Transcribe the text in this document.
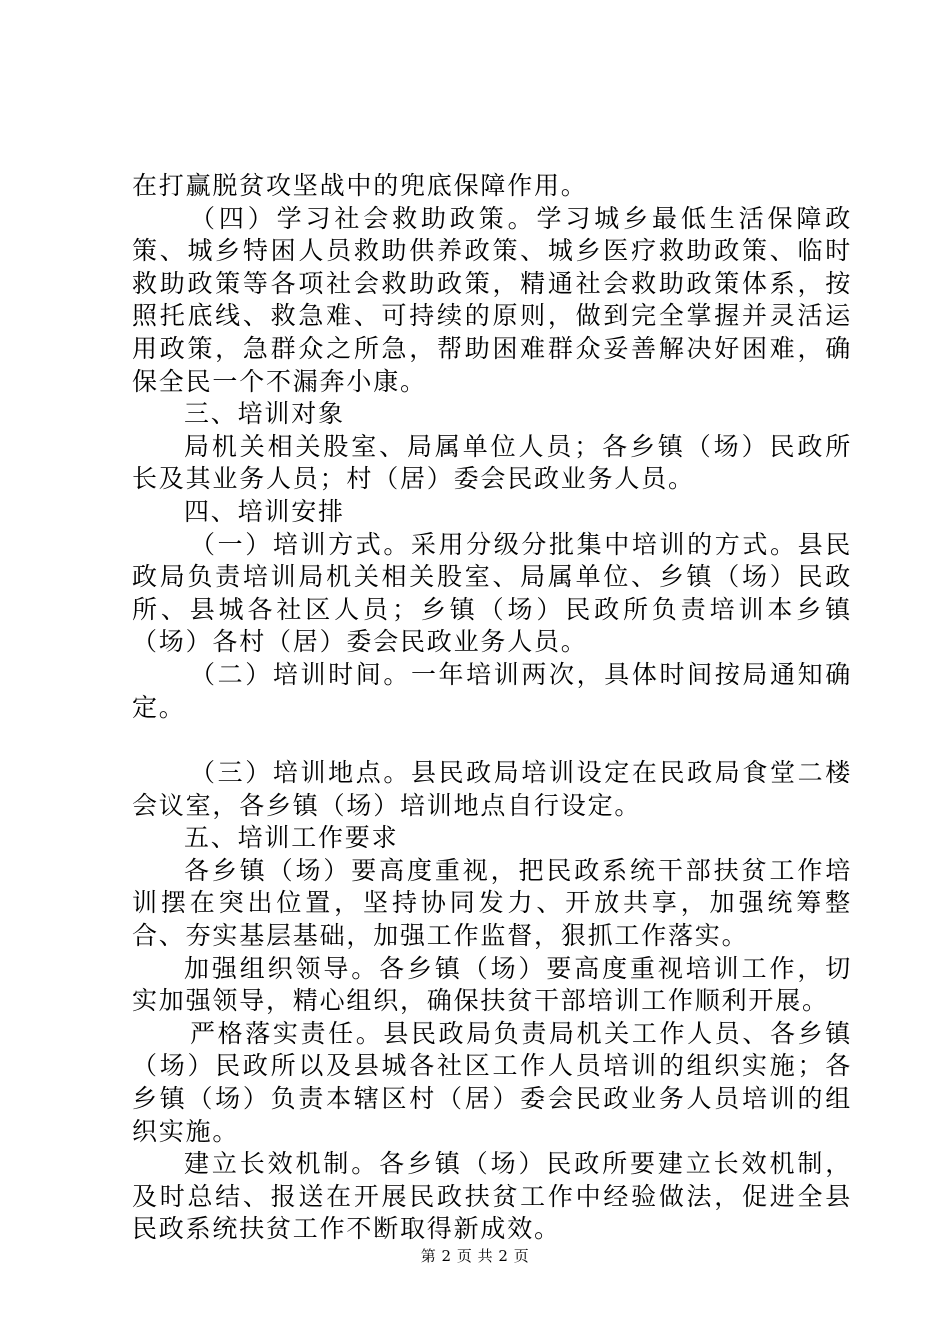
在打赢脱贫攻坚战中的兜底保障作用。

（四）学习社会救助政策。学习城乡最低生活保障政策、城乡特困人员救助供养政策、城乡医疗救助政策、临时救助政策等各项社会救助政策，精通社会救助政策体系，按照托底线、救急难、可持续的原则，做到完全掌握并灵活运用政策，急群众之所急，帮助困难群众妥善解决好困难，确保全民一个不漏奔小康。

三、培训对象

局机关相关股室、局属单位人员；各乡镇（场）民政所长及其业务人员；村（居）委会民政业务人员。

四、培训安排

（一）培训方式。采用分级分批集中培训的方式。县民政局负责培训局机关相关股室、局属单位、乡镇（场）民政所、县城各社区人员；乡镇（场）民政所负责培训本乡镇（场）各村（居）委会民政业务人员。

（二）培训时间。一年培训两次，具体时间按局通知确定。

（三）培训地点。县民政局培训设定在民政局食堂二楼会议室，各乡镇（场）培训地点自行设定。

五、培训工作要求

各乡镇（场）要高度重视，把民政系统干部扶贫工作培训摆在突出位置，坚持协同发力、开放共享，加强统筹整合、夯实基层基础，加强工作监督，狠抓工作落实。

加强组织领导。各乡镇（场）要高度重视培训工作，切实加强领导，精心组织，确保扶贫干部培训工作顺利开展。

严格落实责任。县民政局负责局机关工作人员、各乡镇（场）民政所以及县城各社区工作人员培训的组织实施；各乡镇（场）负责本辖区村（居）委会民政业务人员培训的组织实施。

建立长效机制。各乡镇（场）民政所要建立长效机制，及时总结、报送在开展民政扶贫工作中经验做法，促进全县民政系统扶贫工作不断取得新成效。

第 2 页 共 2 页
